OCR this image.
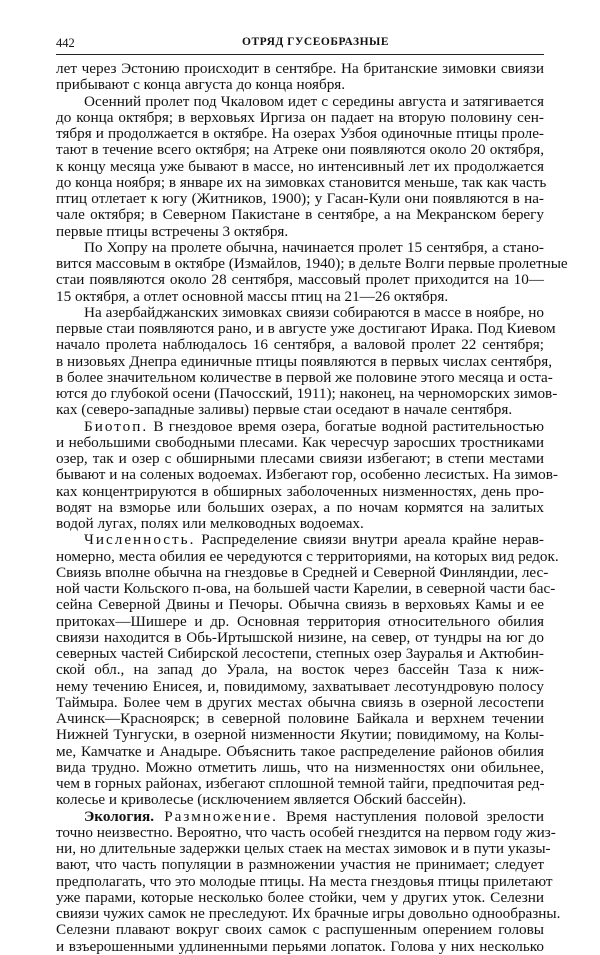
442	ОТРЯД ГУСЕОБРАЗНЫЕ
лет через Эстонию происходит в сентябре. На британские зимовки свиязи
прибывают с конца августа до конца ноября.
Осенний пролет под Чкаловом идет с середины августа и затягивается
до конца октября; в верховьях Иргиза он падает на вторую половину сен-
тября и продолжается в октябре. На озерах Узбоя одиночные птицы проле-
тают в течение всего октября; на Атреке они появляются около 20 октября,
к концу месяца уже бывают в массе, но интенсивный лет их продолжается
до конца ноября; в январе их на зимовках становится меньше, так как часть
птиц отлетает к югу (Житников, 1900); у Гасан-Кули они появляются в на-
чале октября; в Северном Пакистане в сентябре, а на Мекранском берегу
первые птицы встречены 3 октября.
По Хопру на пролете обычна, начинается пролет 15 сентября, а стано-
вится массовым в октябре (Измайлов, 1940); в дельте Волги первые пролетные
стаи появляются около 28 сентября, массовый пролет приходится на 10—
15 октября, а отлет основной массы птиц на 21—26 октября.
На азербайджанских зимовках свиязи собираются в массе в ноябре, но
первые стаи появляются рано, и в августе уже достигают Ирака. Под Киевом
начало пролета наблюдалось 16 сентября, а валовой пролет 22 сентября;
в низовьях Днепра единичные птицы появляются в первых числах сентября,
в более значительном количестве в первой же половине этого месяца и оста-
ются до глубокой осени (Пачосский, 1911); наконец, на черноморских зимов-
ках (северо-западные заливы) первые стаи оседают в начале сентября.
Биотоп. В гнездовое время озера, богатые водной растительностью
и небольшими свободными плесами. Как чересчур заросших тростниками
озер, так и озер с обширными плесами свиязи избегают; в степи местами
бывают и на соленых водоемах. Избегают гор, особенно лесистых. На зимов-
ках концентрируются в обширных заболоченных низменностях, день про-
водят на взморье или больших озерах, а по ночам кормятся на залитых
водой лугах, полях или мелководных водоемах.
Численность. Распределение свиязи внутри ареала крайне нерав-
номерно, места обилия ее чередуются с территориями, на которых вид редок.
Свиязь вполне обычна на гнездовье в Средней и Северной Финляндии, лес-
ной части Кольского п-ова, на большей части Карелии, в северной части бас-
сейна Северной Двины и Печоры. Обычна свиязь в верховьях Камы и ее
притоках—Шишере и др. Основная территория относительного обилия
свиязи находится в Обь-Иртышской низине, на север, от тундры на юг до
северных частей Сибирской лесостепи, степных озер Зауралья и Актюбин-
ской обл., на запад до Урала, на восток через бассейн Таза к ниж-
нему течению Енисея, и, повидимому, захватывает лесотундровую полосу
Таймыра. Более чем в других местах обычна свиязь в озерной лесостепи
Ачинск—Красноярск; в северной половине Байкала и верхнем течении
Нижней Тунгуски, в озерной низменности Якутии; повидимому, на Колы-
ме, Камчатке и Анадыре. Объяснить такое распределение районов обилия
вида трудно. Можно отметить лишь, что на низменностях они обильнее,
чем в горных районах, избегают сплошной темной тайги, предпочитая ред-
колесье и криволесье (исключением является Обский бассейн).
Экология. Размножение. Время наступления половой зрелости
точно неизвестно. Вероятно, что часть особей гнездится на первом году жиз-
ни, но длительные задержки целых стаек на местах зимовок и в пути указы-
вают, что часть популяции в размножении участия не принимает; следует
предполагать, что это молодые птицы. На места гнездовья птицы прилетают
уже парами, которые несколько более стойки, чем у других уток. Селезни
свиязи чужих самок не преследуют. Их брачные игры довольно однообразны.
Селезни плавают вокруг своих самок с распушенным оперением головы
и взъерошенными удлиненными перьями лопаток. Голова у них несколько
